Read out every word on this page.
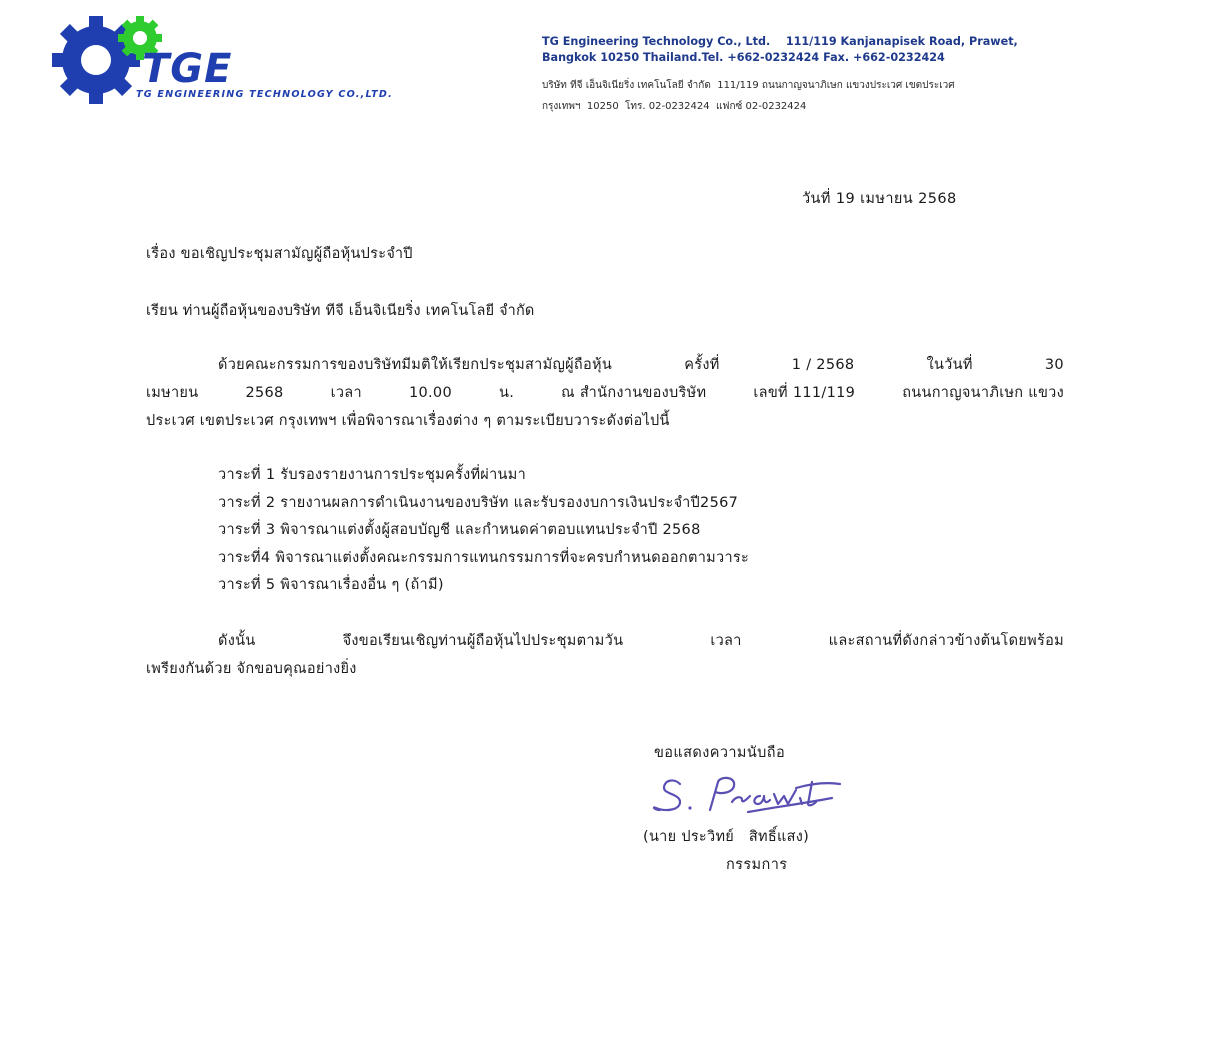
TGE
TG ENGINEERING TECHNOLOGY CO.,LTD.

TG Engineering Technology Co., Ltd.    111/119 Kanjanapisek Road, Prawet,

Bangkok 10250 Thailand.Tel. +662-0232424 Fax. +662-0232424

บริษัท ทีจี เอ็นจิเนียริ่ง เทคโนโลยี จำกัด  111/119 ถนนกาญจนาภิเษก แขวงประเวศ เขตประเวศ

กรุงเทพฯ  10250  โทร. 02-0232424  แฟกซ์ 02-0232424

วันที่ 19 เมษายน 2568
เรื่อง ขอเชิญประชุมสามัญผู้ถือหุ้นประจำปี
เรียน ท่านผู้ถือหุ้นของบริษัท ทีจี เอ็นจิเนียริ่ง เทคโนโลยี จำกัด
ด้วยคณะกรรมการของบริษัทมีมติให้เรียกประชุมสามัญผู้ถือหุ้น	ครั้งที่	1 / 2568	ในวันที่	30
เมษายน	2568	เวลา	10.00	น.	ณ สำนักงานของบริษัท	เลขที่ 111/119	ถนนกาญจนาภิเษก แขวง
ประเวศ เขตประเวศ กรุงเทพฯ เพื่อพิจารณาเรื่องต่าง ๆ ตามระเบียบวาระดังต่อไปนี้
วาระที่ 1 รับรองรายงานการประชุมครั้งที่ผ่านมา
วาระที่ 2 รายงานผลการดำเนินงานของบริษัท และรับรองงบการเงินประจำปี2567
วาระที่ 3 พิจารณาแต่งตั้งผู้สอบบัญชี และกำหนดค่าตอบแทนประจำปี 2568
วาระที่4 พิจารณาแต่งตั้งคณะกรรมการแทนกรรมการที่จะครบกำหนดออกตามวาระ
วาระที่ 5 พิจารณาเรื่องอื่น ๆ (ถ้ามี)
ดังนั้น	จึงขอเรียนเชิญท่านผู้ถือหุ้นไปประชุมตามวัน	เวลา	และสถานที่ดังกล่าวข้างต้นโดยพร้อม
เพรียงกันด้วย จักขอบคุณอย่างยิ่ง
ขอแสดงความนับถือ
(นาย ประวิทย์   สิทธิ์แสง)
กรรมการ
